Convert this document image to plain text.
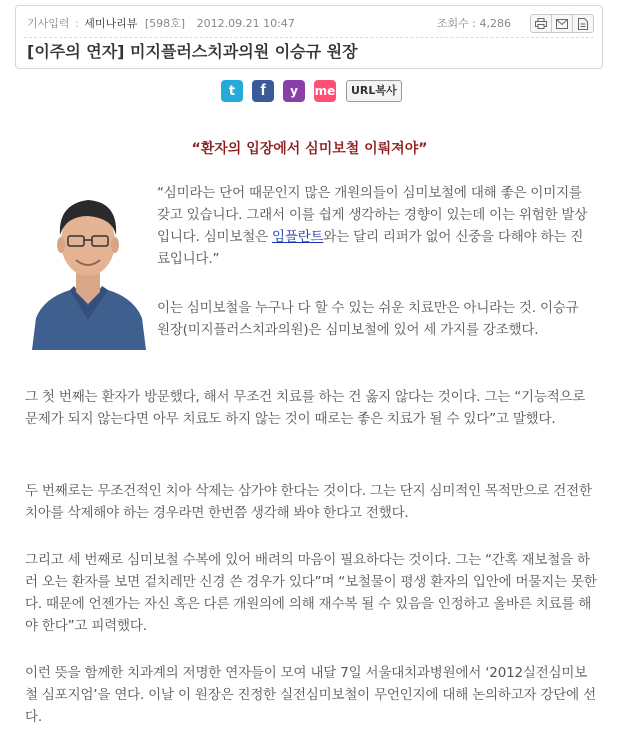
기사입력 : 세미나리뷰 [598호] 2012.09.21 10:47	조회수 : 4,286
[이주의 연자] 미지플러스치과의원 이승규 원장
t f y me	URL복사
“환자의 입장에서 심미보철 이뤄져야”

“심미라는 단어 때문인지 많은 개원의들이 심미보철에 대해 좋은 이미지를 갖고 있습니다. 그래서 이를 쉽게 생각하는 경향이 있는데 이는 위험한 발상입니다. 심미보철은 임플란트와는 달리 리퍼가 없어 신중을 다해야 하는 진료입니다.”

이는 심미보철을 누구나 다 할 수 있는 쉬운 치료만은 아니라는 것. 이승규 원장(미지플러스치과의원)은 심미보철에 있어 세 가지를 강조했다.

그 첫 번째는 환자가 방문했다, 해서 무조건 치료를 하는 건 옳지 않다는 것이다. 그는 “기능적으로 문제가 되지 않는다면 아무 치료도 하지 않는 것이 때로는 좋은 치료가 될 수 있다”고 말했다.

두 번째로는 무조건적인 치아 삭제는 삼가야 한다는 것이다. 그는 단지 심미적인 목적만으로 건전한 치아를 삭제해야 하는 경우라면 한번쯤 생각해 봐야 한다고 전했다.

그리고 세 번째로 심미보철 수복에 있어 배려의 마음이 필요하다는 것이다. 그는 “간혹 재보철을 하러 오는 환자를 보면 겉치레만 신경 쓴 경우가 있다”며 “보철물이 평생 환자의 입안에 머물지는 못한다. 때문에 언젠가는 자신 혹은 다른 개원의에 의해 재수복 될 수 있음을 인정하고 올바른 치료를 해야 한다”고 피력했다.

이런 뜻을 함께한 치과계의 저명한 연자들이 모여 내달 7일 서울대치과병원에서 ‘2012실전심미보철 심포지엄’을 연다. 이날 이 원장은 진정한 실전심미보철이 무언인지에 대해 논의하고자 강단에 선다.
